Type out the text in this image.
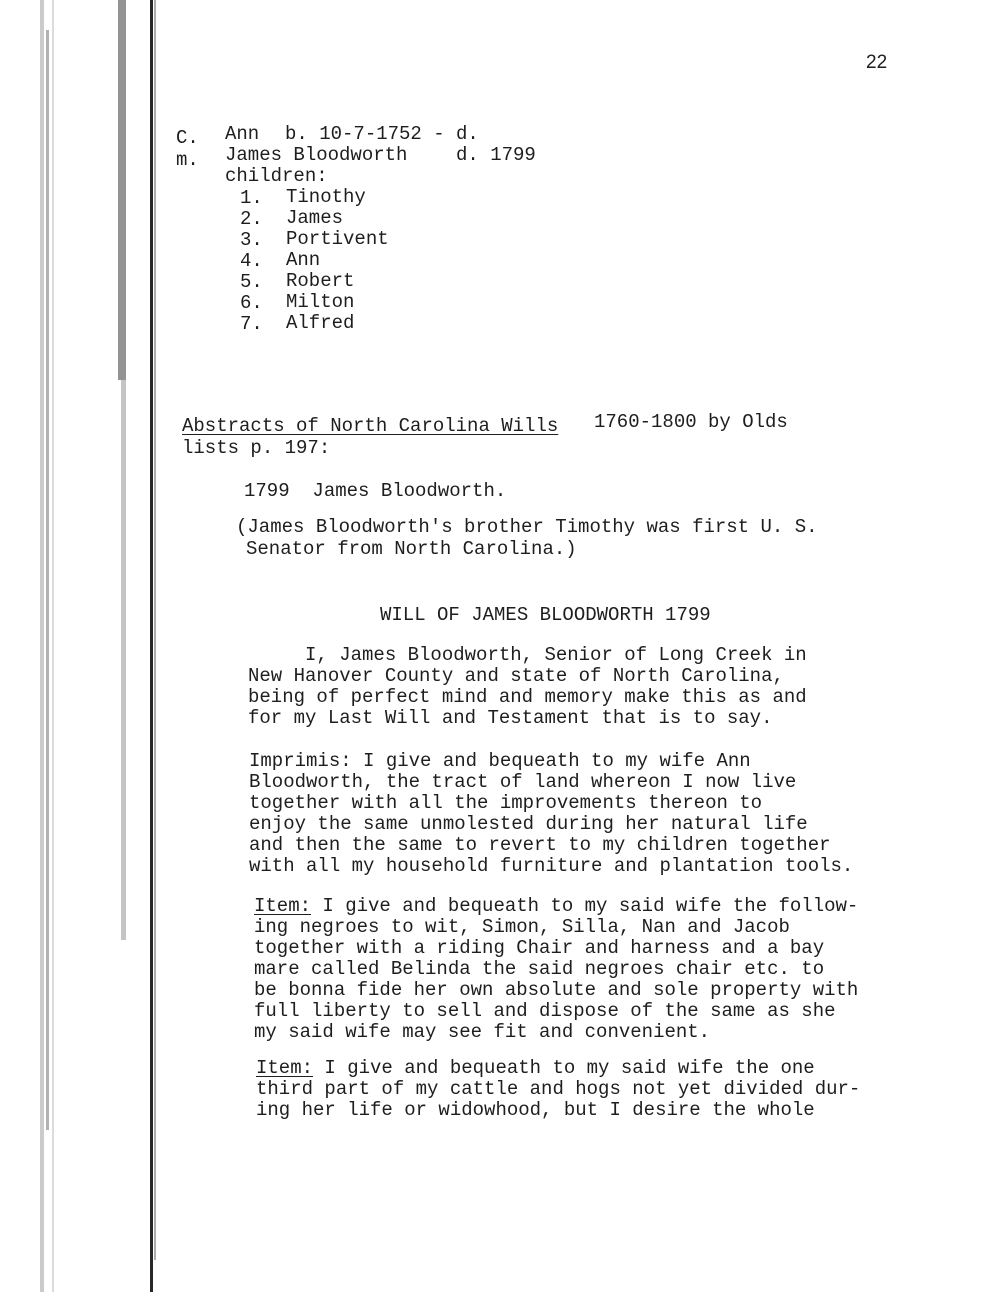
22
C. Ann b. 10-7-1752 - d.
m. James Bloodworth	d. 1799
children:
1. Tinothy
2. James
3. Portivent
4. Ann
5. Robert
6. Milton
7. Alfred
Abstracts of North Carolina Wills 1760-1800 by Olds
lists p. 197:
1799  James Bloodworth.
(James Bloodworth's brother Timothy was first U. S.
Senator from North Carolina.)
WILL OF JAMES BLOODWORTH 1799
I, James Bloodworth, Senior of Long Creek in
New Hanover County and state of North Carolina,
being of perfect mind and memory make this as and
for my Last Will and Testament that is to say.
Imprimis: I give and bequeath to my wife Ann
Bloodworth, the tract of land whereon I now live
together with all the improvements thereon to
enjoy the same unmolested during her natural life
and then the same to revert to my children together
with all my household furniture and plantation tools.
Item: I give and bequeath to my said wife the follow-
ing negroes to wit, Simon, Silla, Nan and Jacob
together with a riding Chair and harness and a bay
mare called Belinda the said negroes chair etc. to
be bonna fide her own absolute and sole property with
full liberty to sell and dispose of the same as she
my said wife may see fit and convenient.
Item: I give and bequeath to my said wife the one
third part of my cattle and hogs not yet divided dur-
ing her life or widowhood, but I desire the whole
